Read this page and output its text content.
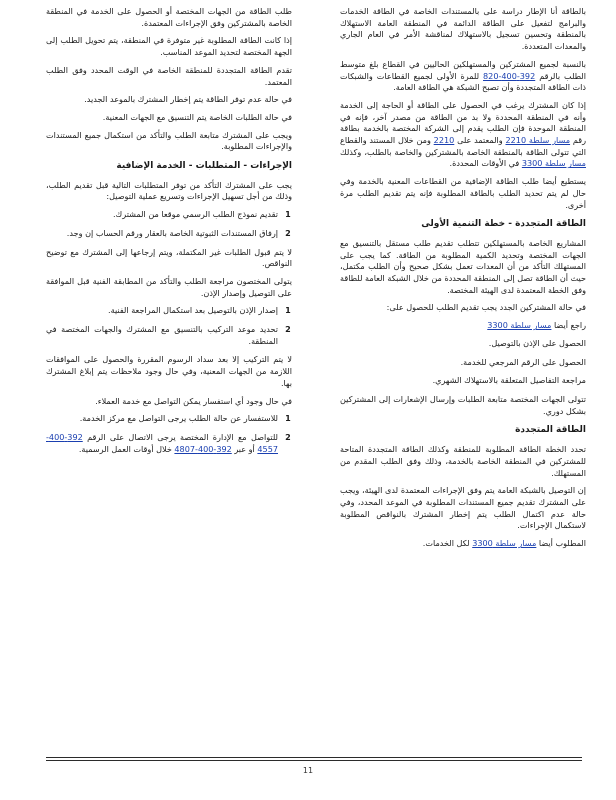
بالطاقة أنا الإطار دراسة على بالمستندات الخاصة في الطاقة الخدمات والبرامج لتفعيل على الطاقة الدائمة في المنطقة العامة الاستهلاك بالمنطقة وتحسين تسجيل بالاستهلاك لمناقشة الأمر في العام الجاري والمعدات المتعددة.

بالنسبة لجميع المشتركين والمستهلكين الحاليين في القطاع بلغ متوسط الطلب بالرقم 392-400-820 للمرة الأولى لجميع القطاعات والشبكات ذات الطاقة المتجددة وأن تصبح الشبكة هي الطاقة العامة.

إذا كان المشترك يرغب في الحصول على الطاقة أو الحاجة إلى الخدمة وأنه في المنطقة المحددة ولا بد من الطاقة من مصدر آخر، فإنه في المنطقة الموحدة فإن الطلب يقدم إلى الشركة المختصة بالخدمة بطاقة رقم مسار سلطة 2210 والمعتمد على 2210 ومن خلال المستند والقطاع التي تتولى الطاقة بالمنطقة الخاصة بالمشتركين والخاصة بالطلب، وكذلك مسار سلطة 3300 في الأوقات المحددة.

يستطيع أيضا طلب الطاقة الإضافية من القطاعات المعنية بالخدمة وفي حال لم يتم تحديد الطلب بالطاقة المطلوبة فإنه يتم تقديم الطلب مرة أخرى.

الطاقة المتجددة - خطة التنمية الأولى

المشاريع الخاصة بالمستهلكين تتطلب تقديم طلب مستقل بالتنسيق مع الجهات المختصة وتحديد الكمية المطلوبة من الطاقة. كما يجب على المستهلك التأكد من أن المعدات تعمل بشكل صحيح وأن الطلب مكتمل، حيث أن الطاقة تصل إلى المنطقة المحددة من خلال الشبكة العامة للطاقة وفق الخطة المعتمدة لدى الهيئة المختصة.

في حالة المشتركين الجدد يجب تقديم الطلب للحصول على:

راجع أيضا مسار سلطة 3300
الحصول على الإذن بالتوصيل.
الحصول على الرقم المرجعي للخدمة.
مراجعة التفاصيل المتعلقة بالاستهلاك الشهري.

تتولى الجهات المختصة متابعة الطلبات وإرسال الإشعارات إلى المشتركين بشكل دوري.

الطاقة المتجددة

تحدد الخطة الطاقة المطلوبة للمنطقة وكذلك الطاقة المتجددة المتاحة للمشتركين في المنطقة الخاصة بالخدمة، وذلك وفق الطلب المقدم من المستهلك.

إن التوصيل بالشبكة العامة يتم وفق الإجراءات المعتمدة لدى الهيئة، ويجب على المشترك تقديم جميع المستندات المطلوبة في الموعد المحدد، وفي حالة عدم اكتمال الطلب يتم إخطار المشترك بالنواقص المطلوبة لاستكمال الإجراءات.

المطلوب أيضا مسار سلطة 3300 لكل الخدمات.

طلب الطاقة من الجهات المختصة أو الحصول على الخدمة في المنطقة الخاصة بالمشتركين وفق الإجراءات المعتمدة.

إذا كانت الطاقة المطلوبة غير متوفرة في المنطقة، يتم تحويل الطلب إلى الجهة المختصة لتحديد الموعد المناسب.

تقدم الطاقة المتجددة للمنطقة الخاصة في الوقت المحدد وفق الطلب المعتمد.

في حالة عدم توفر الطاقة يتم إخطار المشترك بالموعد الجديد.

في حالة الطلبات الخاصة يتم التنسيق مع الجهات المعنية.

ويجب على المشترك متابعة الطلب والتأكد من استكمال جميع المستندات والإجراءات المطلوبة.

الإجراءات - المتطلبات - الخدمة الإضافية

يجب على المشترك التأكد من توفر المتطلبات التالية قبل تقديم الطلب، وذلك من أجل تسهيل الإجراءات وتسريع عملية التوصيل:

1
تقديم نموذج الطلب الرسمي موقعا من المشترك.
2
إرفاق المستندات الثبوتية الخاصة بالعقار ورقم الحساب إن وجد.

لا يتم قبول الطلبات غير المكتملة، ويتم إرجاعها إلى المشترك مع توضيح النواقص.

يتولى المختصون مراجعة الطلب والتأكد من المطابقة الفنية قبل الموافقة على التوصيل وإصدار الإذن.

1
إصدار الإذن بالتوصيل بعد استكمال المراجعة الفنية.
2
تحديد موعد التركيب بالتنسيق مع المشترك والجهات المختصة في المنطقة.

لا يتم التركيب إلا بعد سداد الرسوم المقررة والحصول على الموافقات اللازمة من الجهات المعنية، وفي حال وجود ملاحظات يتم إبلاغ المشترك بها.

في حال وجود أي استفسار يمكن التواصل مع خدمة العملاء.

1
للاستفسار عن حالة الطلب يرجى التواصل مع مركز الخدمة.
2
للتواصل مع الإدارة المختصة يرجى الاتصال على الرقم 392-400-4557 أو عبر 392-400-4807 خلال أوقات العمل الرسمية.
11
